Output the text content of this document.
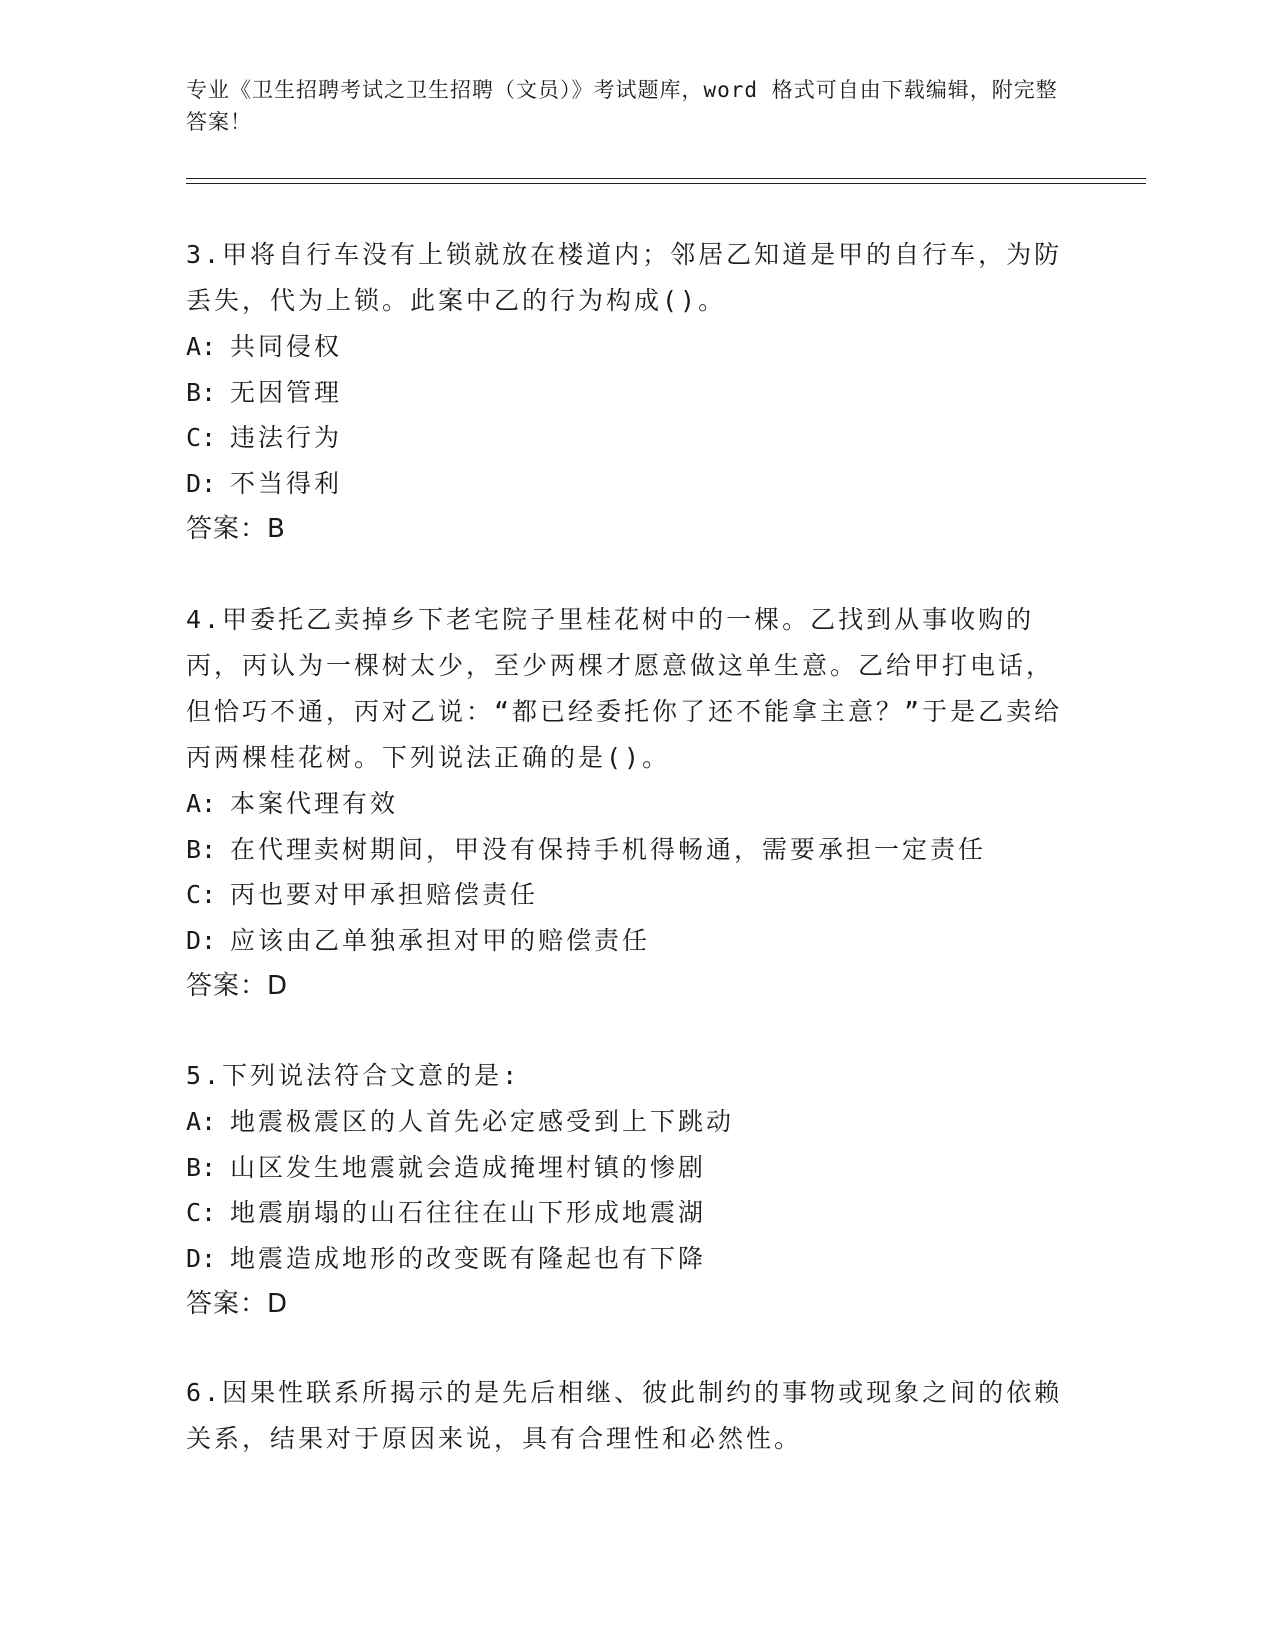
专业《卫生招聘考试之卫生招聘（文员）》考试题库，word 格式可自由下载编辑，附完整答案！

3.甲将自行车没有上锁就放在楼道内；邻居乙知道是甲的自行车，为防丢失，代为上锁。此案中乙的行为构成()。

A: 共同侵权

B: 无因管理

C: 违法行为

D: 不当得利

答案：B

4.甲委托乙卖掉乡下老宅院子里桂花树中的一棵。乙找到从事收购的丙，丙认为一棵树太少，至少两棵才愿意做这单生意。乙给甲打电话，但恰巧不通，丙对乙说：“都已经委托你了还不能拿主意？”于是乙卖给丙两棵桂花树。下列说法正确的是()。

A: 本案代理有效

B: 在代理卖树期间，甲没有保持手机得畅通，需要承担一定责任

C: 丙也要对甲承担赔偿责任

D: 应该由乙单独承担对甲的赔偿责任

答案：D

5.下列说法符合文意的是:

A: 地震极震区的人首先必定感受到上下跳动

B: 山区发生地震就会造成掩埋村镇的惨剧

C: 地震崩塌的山石往往在山下形成地震湖

D: 地震造成地形的改变既有隆起也有下降

答案：D

6.因果性联系所揭示的是先后相继、彼此制约的事物或现象之间的依赖关系，结果对于原因来说，具有合理性和必然性。
